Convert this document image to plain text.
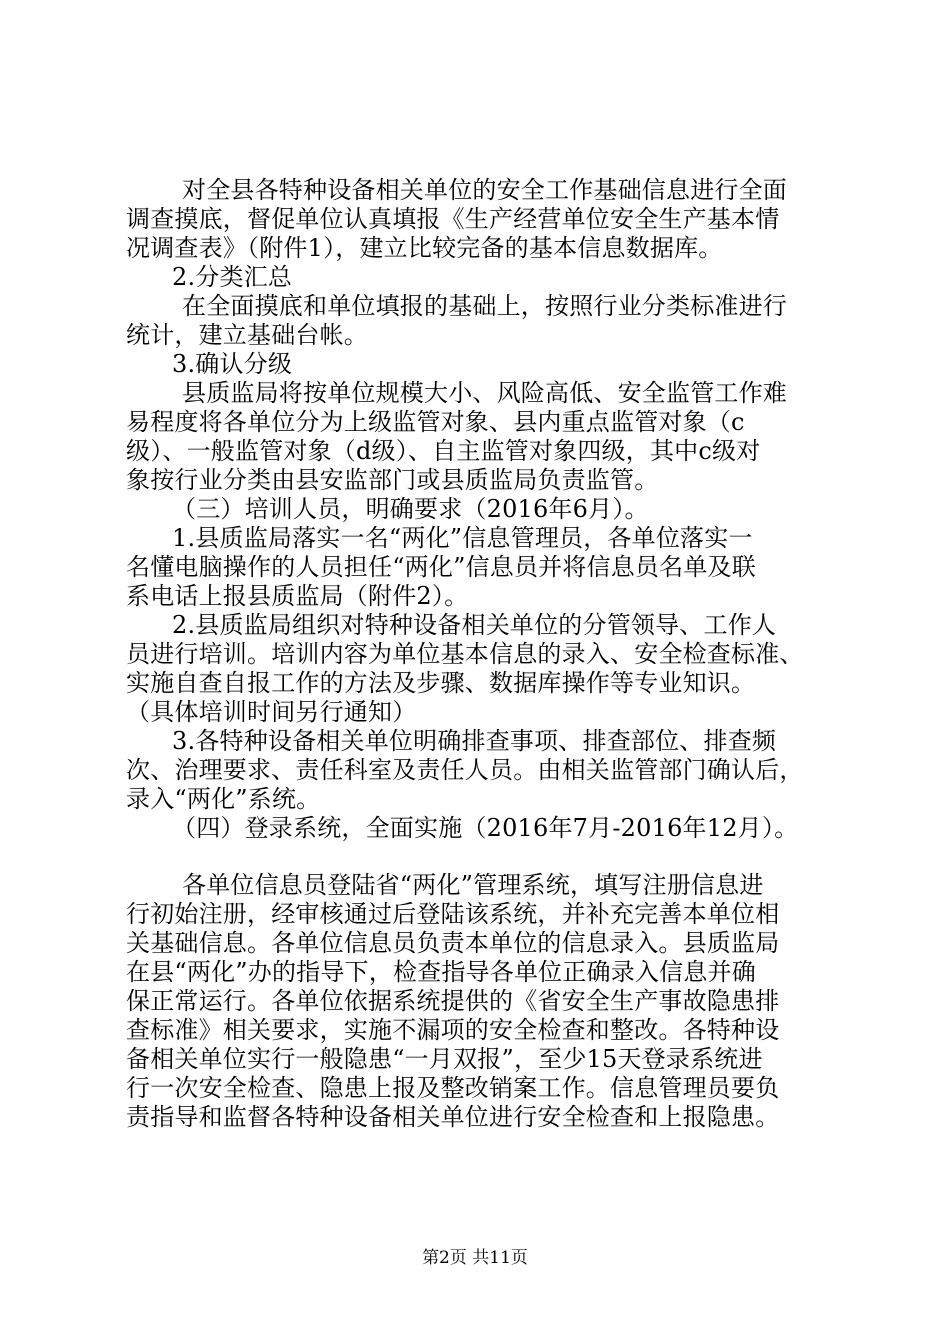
对全县各特种设备相关单位的安全工作基础信息进行全面
调查摸底，督促单位认真填报《生产经营单位安全生产基本情
况调查表》（附件1），建立比较完备的基本信息数据库。
2.分类汇总
在全面摸底和单位填报的基础上，按照行业分类标准进行
统计，建立基础台帐。
3.确认分级
县质监局将按单位规模大小、风险高低、安全监管工作难
易程度将各单位分为上级监管对象、县内重点监管对象（c
级）、一般监管对象（d级）、自主监管对象四级，其中c级对
象按行业分类由县安监部门或县质监局负责监管。
（三）培训人员，明确要求（2016年6月）。
1.县质监局落实一名“两化”信息管理员，各单位落实一
名懂电脑操作的人员担任“两化”信息员并将信息员名单及联
系电话上报县质监局（附件2）。
2.县质监局组织对特种设备相关单位的分管领导、工作人
员进行培训。培训内容为单位基本信息的录入、安全检查标准、
实施自查自报工作的方法及步骤、数据库操作等专业知识。
（具体培训时间另行通知）
3.各特种设备相关单位明确排查事项、排查部位、排查频
次、治理要求、责任科室及责任人员。由相关监管部门确认后，
录入“两化”系统。
（四）登录系统，全面实施（2016年7月-2016年12月）。
各单位信息员登陆省“两化”管理系统，填写注册信息进
行初始注册，经审核通过后登陆该系统，并补充完善本单位相
关基础信息。各单位信息员负责本单位的信息录入。县质监局
在县“两化”办的指导下，检查指导各单位正确录入信息并确
保正常运行。各单位依据系统提供的《省安全生产事故隐患排
查标准》相关要求，实施不漏项的安全检查和整改。各特种设
备相关单位实行一般隐患“一月双报”，至少15天登录系统进
行一次安全检查、隐患上报及整改销案工作。信息管理员要负
责指导和监督各特种设备相关单位进行安全检查和上报隐患。
第2页 共11页
